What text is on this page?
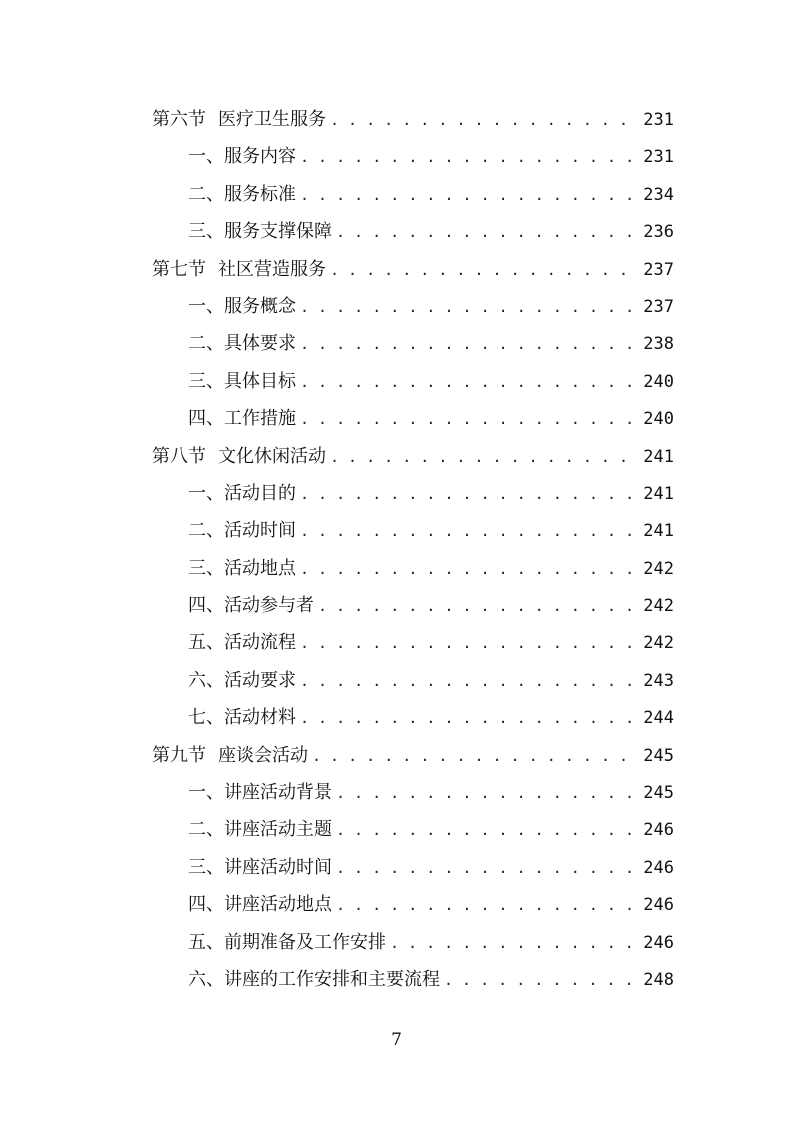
第六节 医疗卫生服务 . . .	231
一、 服务内容 . . .	231
二、 服务标准 . . .	234
三、 服务支撑保障 . . .	236
第七节 社区营造服务 . . .	237
一、 服务概念 . . .	237
二、 具体要求 . . .	238
三、 具体目标 . . .	240
四、 工作措施 . . .	240
第八节 文化休闲活动 . . .	241
一、 活动目的 . . .	241
二、 活动时间 . . .	241
三、 活动地点 . . .	242
四、 活动参与者 . . .	242
五、 活动流程 . . .	242
六、 活动要求 . . .	243
七、 活动材料 . . .	244
第九节 座谈会活动 . . .	245
一、 讲座活动背景 . . .	245
二、 讲座活动主题 . . .	246
三、 讲座活动时间 . . .	246
四、 讲座活动地点 . . .	246
五、 前期准备及工作安排 . . .	246
六、 讲座的工作安排和主要流程 . . .	248
7
